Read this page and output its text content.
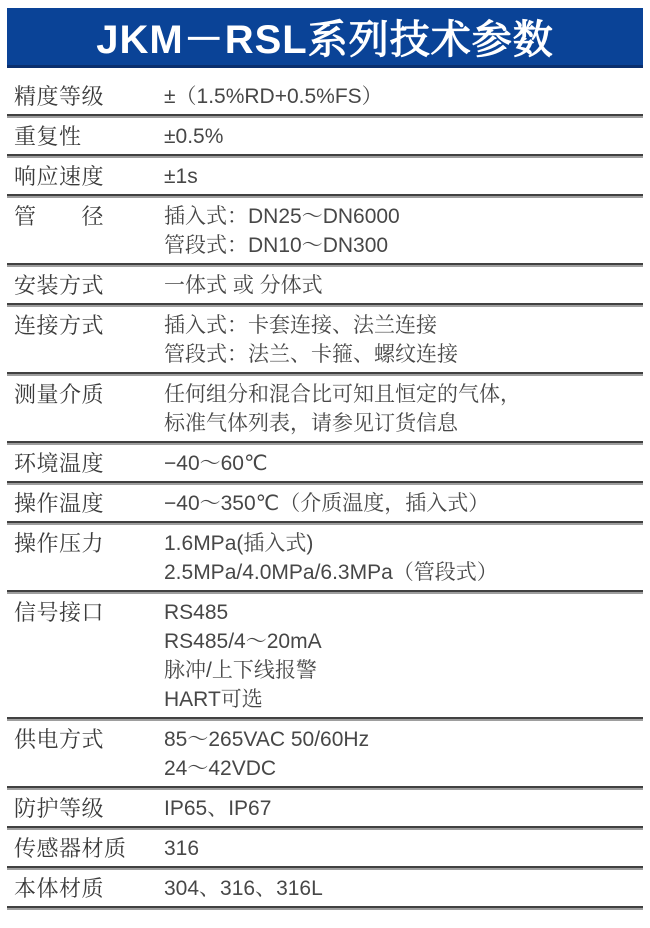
JKM－RSL系列技术参数
精度等级	±（1.5%RD+0.5%FS）
重复性	±0.5%
响应速度	±1s
管　　径	插入式：DN25～DN6000
管段式：DN10～DN300
安装方式	一体式 或 分体式
连接方式	插入式：卡套连接、法兰连接
管段式：法兰、卡箍、螺纹连接
测量介质	任何组分和混合比可知且恒定的气体，
标准气体列表，请参见订货信息
环境温度	−40～60℃
操作温度	−40～350℃（介质温度，插入式）
操作压力	1.6MPa(插入式)
2.5MPa/4.0MPa/6.3MPa（管段式）
信号接口	RS485
RS485/4～20mA
脉冲/上下线报警
HART可选
供电方式	85～265VAC 50/60Hz
24～42VDC
防护等级	IP65、IP67
传感器材质	316
本体材质	304、316、316L
